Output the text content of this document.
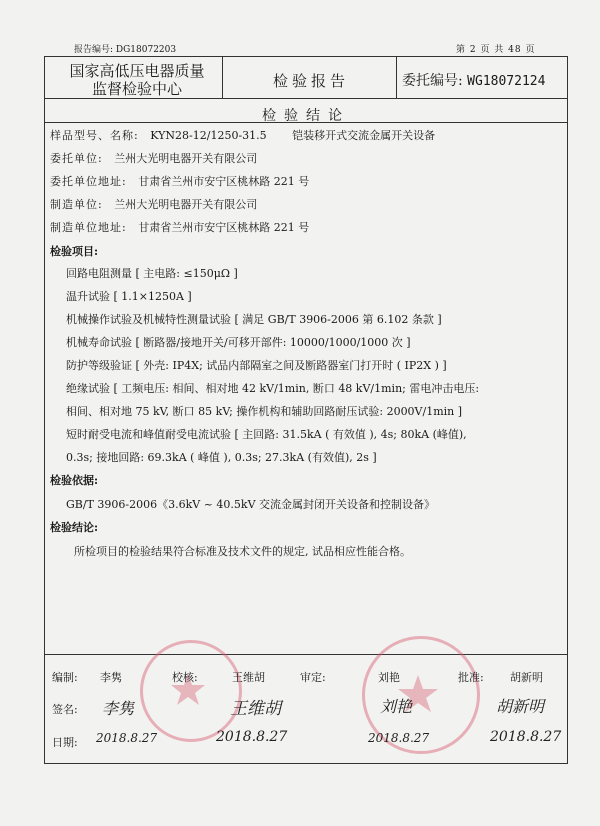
报告编号: DG18072203	第 2 页 共 48 页
国家高低压电器质量
监督检验中心	检验报告	委托编号: WG18072124
检验结论
样品型号、名称: KYN28-12/1250-31.5 铠装移开式交流金属开关设备
委托单位: 兰州大光明电器开关有限公司
委托单位地址: 甘肃省兰州市安宁区桃林路 221 号
制造单位: 兰州大光明电器开关有限公司
制造单位地址: 甘肃省兰州市安宁区桃林路 221 号
检验项目:
回路电阻测量 [ 主电路: ≤150μΩ ]
温升试验 [ 1.1×1250A ]
机械操作试验及机械特性测量试验 [ 满足 GB/T 3906-2006 第 6.102 条款 ]
机械寿命试验 [ 断路器/接地开关/可移开部件: 10000/1000/1000 次 ]
防护等级验证 [ 外壳: IP4X; 试品内部隔室之间及断路器室门打开时 ( IP2X ) ]
绝缘试验 [ 工频电压: 相间、相对地 42 kV/1min, 断口 48 kV/1min; 雷电冲击电压:
相间、相对地 75 kV, 断口 85 kV; 操作机构和辅助回路耐压试验: 2000V/1min ]
短时耐受电流和峰值耐受电流试验 [ 主回路: 31.5kA ( 有效值 ), 4s; 80kA (峰值),
0.3s; 接地回路: 69.3kA ( 峰值 ), 0.3s; 27.3kA (有效值), 2s ]
检验依据:
GB/T 3906-2006《3.6kV ~ 40.5kV 交流金属封闭开关设备和控制设备》
检验结论:
所检项目的检验结果符合标准及技术文件的规定, 试品相应性能合格。
编制: 李隽	校核:	王维胡	审定:	刘艳	批准: 胡新明
签名: 李隽	王维胡	刘艳	胡新明
日期: 2018.8.27	2018.8.27	2018.8.27	2018.8.27
